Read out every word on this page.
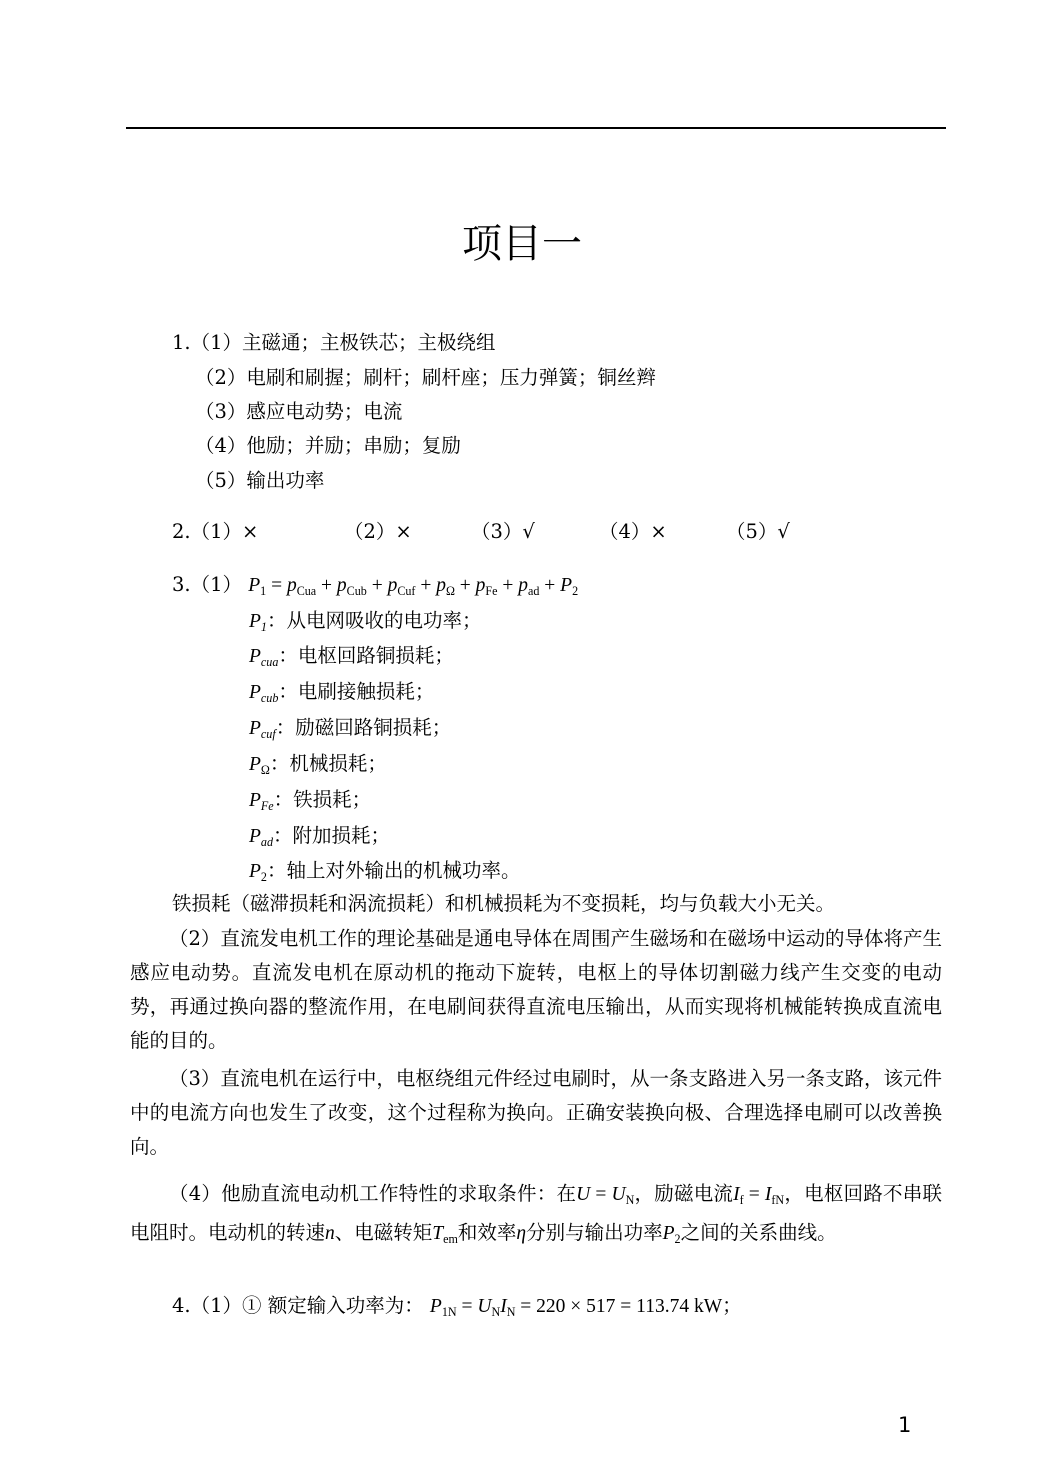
项目一
1.（1）主磁通；主极铁芯；主极绕组
（2）电刷和刷握；刷杆；刷杆座；压力弹簧；铜丝辫
（3）感应电动势；电流
（4）他励；并励；串励；复励
（5）输出功率
2.（1）×	（2）×	（3）√	（4）×	（5）√
3.（1） $P_1 = p_{Cua} + p_{Cub} + p_{Cuf} + p_\Omega + p_{Fe} + p_{ad} + P_2$
$P_1$：从电网吸收的电功率；
$P_{cua}$：电枢回路铜损耗；
$P_{cub}$：电刷接触损耗；
$P_{cuf}$：励磁回路铜损耗；
$P_\Omega$：机械损耗；
$P_{Fe}$：铁损耗；
$P_{ad}$：附加损耗；
$P_2$：轴上对外输出的机械功率。
铁损耗（磁滞损耗和涡流损耗）和机械损耗为不变损耗，均与负载大小无关。
（2）直流发电机工作的理论基础是通电导体在周围产生磁场和在磁场中运动的导体将产生感应电动势。直流发电机在原动机的拖动下旋转，电枢上的导体切割磁力线产生交变的电动势，再通过换向器的整流作用，在电刷间获得直流电压输出，从而实现将机械能转换成直流电能的目的。
（3）直流电机在运行中，电枢绕组元件经过电刷时，从一条支路进入另一条支路，该元件中的电流方向也发生了改变，这个过程称为换向。正确安装换向极、合理选择电刷可以改善换向。
（4）他励直流电动机工作特性的求取条件：在$U = U_N$，励磁电流$I_f = I_{fN}$，电枢回路不串联电阻时。电动机的转速n、电磁转矩$T_{em}$和效率η分别与输出功率$P_2$之间的关系曲线。
4.（1）① 额定输入功率为： $P_{1N} = U_NI_N = 220 \times 517 = 113.74$ kW；
1
